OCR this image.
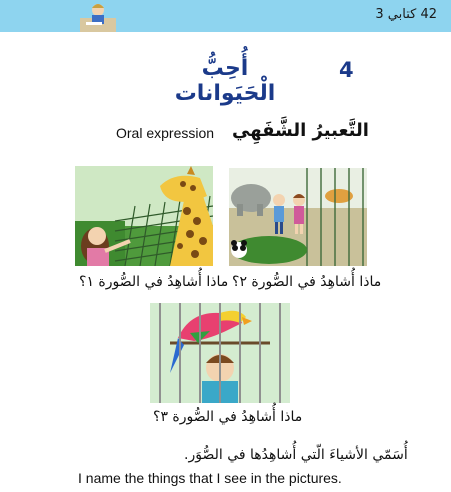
42 كتابي 3
4
أُحِبُّ الْحَيَوانات
Oral expression التَّعبيرُ الشَّفَهِي
ماذا أُشاهِدُ في الصُّورة ١؟ ماذا أُشاهِدُ في الصُّورة ٢؟
ماذا أُشاهِدُ في الصُّورة ٣؟
أُسَمّي الأشياءَ الّتي أُشاهِدُها في الصُّوَر.
I name the things that I see in the pictures.
